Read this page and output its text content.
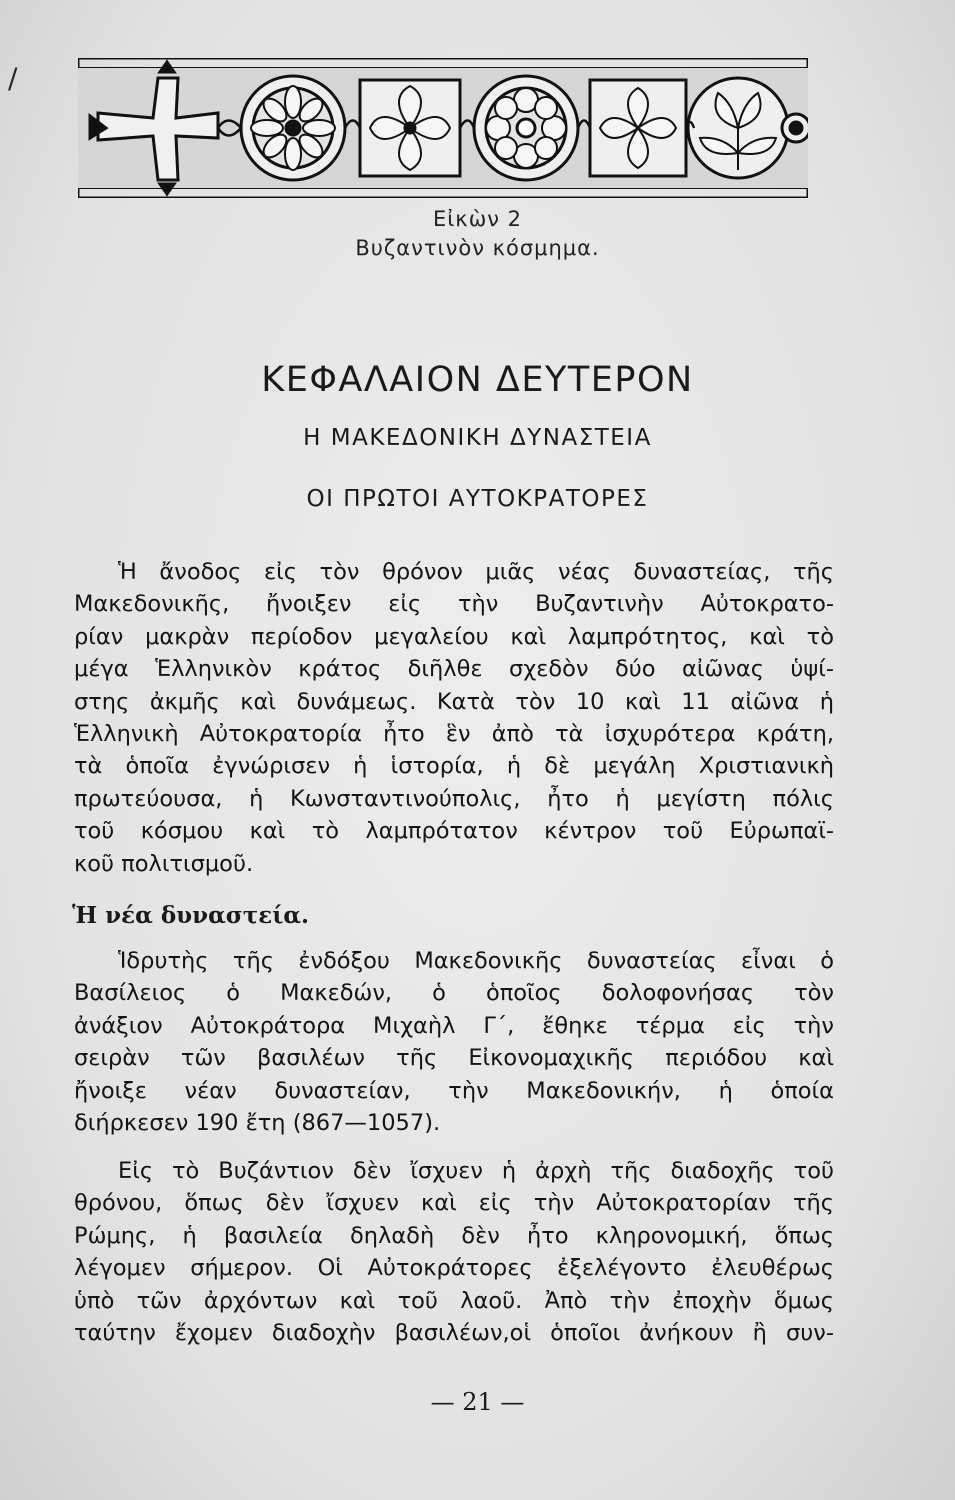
/
Εἰκὼν 2
Βυζαντινὸν κόσμημα.
ΚΕΦΑΛΑΙΟΝ ΔΕΥΤΕΡΟΝ
Η ΜΑΚΕΔΟΝΙΚΗ ΔΥΝΑΣΤΕΙΑ
ΟΙ ΠΡΩΤΟΙ ΑΥΤΟΚΡΑΤΟΡΕΣ
Ἡ ἄνοδος εἰς τὸν θρόνον μιᾶς νέας δυναστείας, τῆς
Μακεδονικῆς, ἤνοιξεν εἰς τὴν Βυζαντινὴν Αὐτοκρατο-
ρίαν μακρὰν περίοδον μεγαλείου καὶ λαμπρότητος, καὶ τὸ
μέγα Ἑλληνικὸν κράτος διῆλθε σχεδὸν δύο αἰῶνας ὑψί-
στης ἀκμῆς καὶ δυνάμεως. Κατὰ τὸν 10 καὶ 11 αἰῶνα ἡ
Ἑλληνικὴ Αὐτοκρατορία ἦτο ἓν ἀπὸ τὰ ἰσχυρότερα κράτη,
τὰ ὁποῖα ἐγνώρισεν ἡ ἱστορία, ἡ δὲ μεγάλη Χριστιανικὴ
πρωτεύουσα, ἡ Κωνσταντινούπολις, ἦτο ἡ μεγίστη πόλις
τοῦ κόσμου καὶ τὸ λαμπρότατον κέντρον τοῦ Εὐρωπαϊ-
κοῦ πολιτισμοῦ.
Ἡ νέα δυναστεία.
Ἱδρυτὴς τῆς ἐνδόξου Μακεδονικῆς δυναστείας εἶναι ὁ
Βασίλειος ὁ Μακεδών, ὁ ὁποῖος δολοφονήσας τὸν
ἀνάξιον Αὐτοκράτορα Μιχαὴλ Γ΄, ἔθηκε τέρμα εἰς τὴν
σειρὰν τῶν βασιλέων τῆς Εἰκονομαχικῆς περιόδου καὶ
ἤνοιξε νέαν δυναστείαν, τὴν Μακεδονικήν, ἡ ὁποία
διήρκεσεν 190 ἔτη (867—1057).
Εἰς τὸ Βυζάντιον δὲν ἴσχυεν ἡ ἀρχὴ τῆς διαδοχῆς τοῦ
θρόνου, ὅπως δὲν ἴσχυεν καὶ εἰς τὴν Αὐτοκρατορίαν τῆς
Ρώμης, ἡ βασιλεία δηλαδὴ δὲν ἦτο κληρονομική, ὅπως
λέγομεν σήμερον. Οἱ Αὐτοκράτορες ἐξελέγοντο ἐλευθέρως
ὑπὸ τῶν ἀρχόντων καὶ τοῦ λαοῦ. Ἀπὸ τὴν ἐποχὴν ὅμως
ταύτην ἔχομεν διαδοχὴν βασιλέων,οἱ ὁποῖοι ἀνήκουν ἢ συν-
— 21 —
